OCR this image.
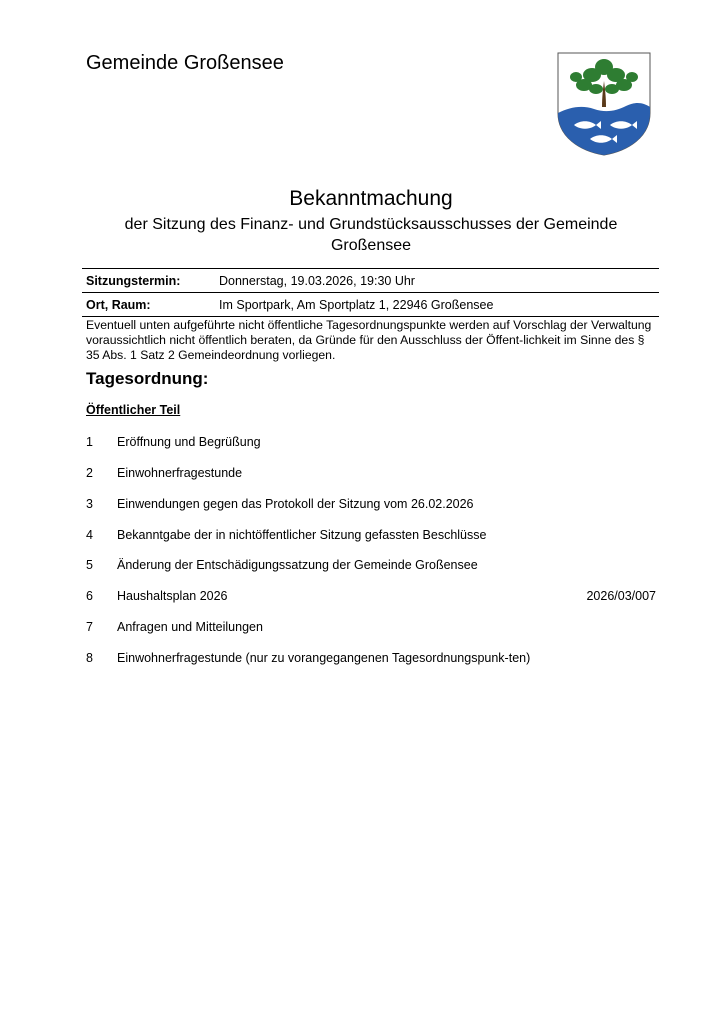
Gemeinde Großensee
Bekanntmachung
der Sitzung des Finanz- und Grundstücksausschusses der Gemeinde Großensee
Sitzungstermin:	Donnerstag, 19.03.2026, 19:30 Uhr
Ort, Raum:	Im Sportpark, Am Sportplatz 1, 22946 Großensee
Eventuell unten aufgeführte nicht öffentliche Tagesordnungspunkte werden auf Vorschlag der Verwaltung voraussichtlich nicht öffentlich beraten, da Gründe für den Ausschluss der Öffent-lichkeit im Sinne des § 35 Abs. 1 Satz 2 Gemeindeordnung vorliegen.
Tagesordnung:
Öffentlicher Teil
1 Eröffnung und Begrüßung
2 Einwohnerfragestunde
3 Einwendungen gegen das Protokoll der Sitzung vom 26.02.2026
4 Bekanntgabe der in nichtöffentlicher Sitzung gefassten Beschlüsse
5 Änderung der Entschädigungssatzung der Gemeinde Großensee
6 Haushaltsplan 2026	2026/03/007
7 Anfragen und Mitteilungen
8 Einwohnerfragestunde (nur zu vorangegangenen Tagesordnungspunk-ten)
